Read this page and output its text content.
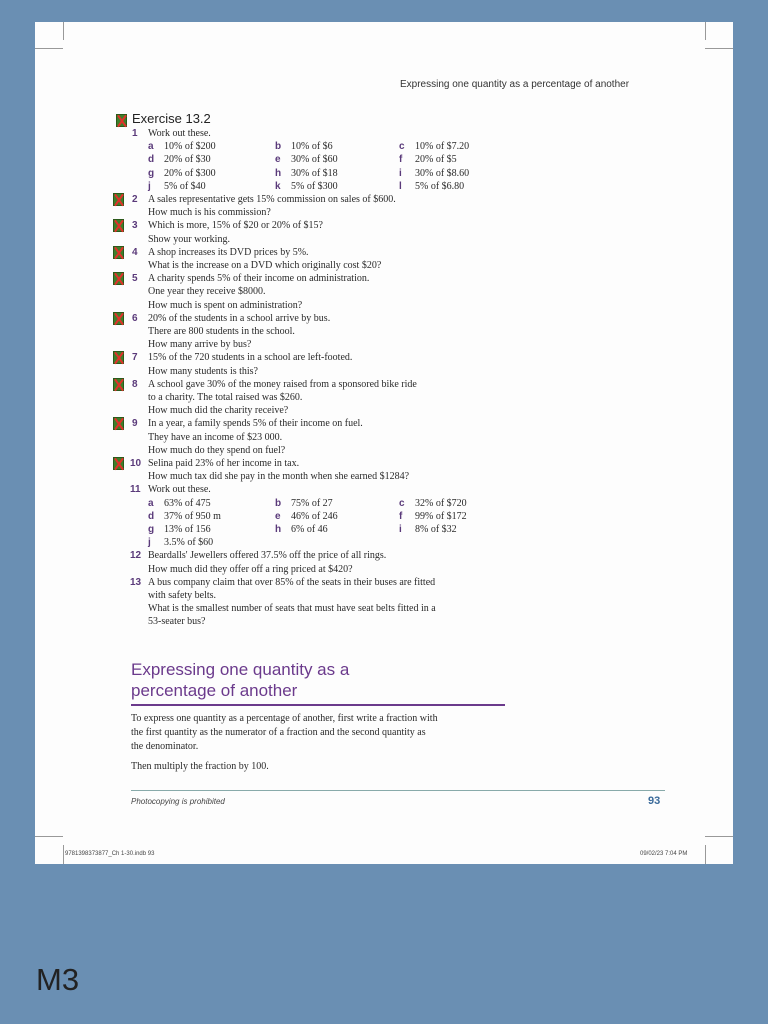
Expressing one quantity as a percentage of another
Exercise 13.2
1 Work out these.
a 10% of $200	b 10% of $6	c 10% of $7.20
d 20% of $30	e 30% of $60	f 20% of $5
g 20% of $300	h 30% of $18	i 30% of $8.60
j 5% of $40	k 5% of $300	l 5% of $6.80
2 A sales representative gets 15% commission on sales of $600.
How much is his commission?
3 Which is more, 15% of $20 or 20% of $15?
Show your working.
4 A shop increases its DVD prices by 5%.
What is the increase on a DVD which originally cost $20?
5 A charity spends 5% of their income on administration.
One year they receive $8000.
How much is spent on administration?
6 20% of the students in a school arrive by bus.
There are 800 students in the school.
How many arrive by bus?
7 15% of the 720 students in a school are left-footed.
How many students is this?
8 A school gave 30% of the money raised from a sponsored bike ride
to a charity. The total raised was $260.
How much did the charity receive?
9 In a year, a family spends 5% of their income on fuel.
They have an income of $23 000.
How much do they spend on fuel?
10 Selina paid 23% of her income in tax.
How much tax did she pay in the month when she earned $1284?
11 Work out these.
a 63% of 475	b 75% of 27	c 32% of $720
d 37% of 950 m	e 46% of 246	f 99% of $172
g 13% of 156	h 6% of 46	i 8% of $32
j 3.5% of $60
12 Beardalls' Jewellers offered 37.5% off the price of all rings.
How much did they offer off a ring priced at $420?
13 A bus company claim that over 85% of the seats in their buses are fitted
with safety belts.
What is the smallest number of seats that must have seat belts fitted in a
53-seater bus?
Expressing one quantity as a
percentage of another
To express one quantity as a percentage of another, first write a fraction with
the first quantity as the numerator of a fraction and the second quantity as
the denominator.
Then multiply the fraction by 100.
Photocopying is prohibited	93
9781398373877_Ch 1-30.indb 93	09/02/23 7:04 PM
M3
